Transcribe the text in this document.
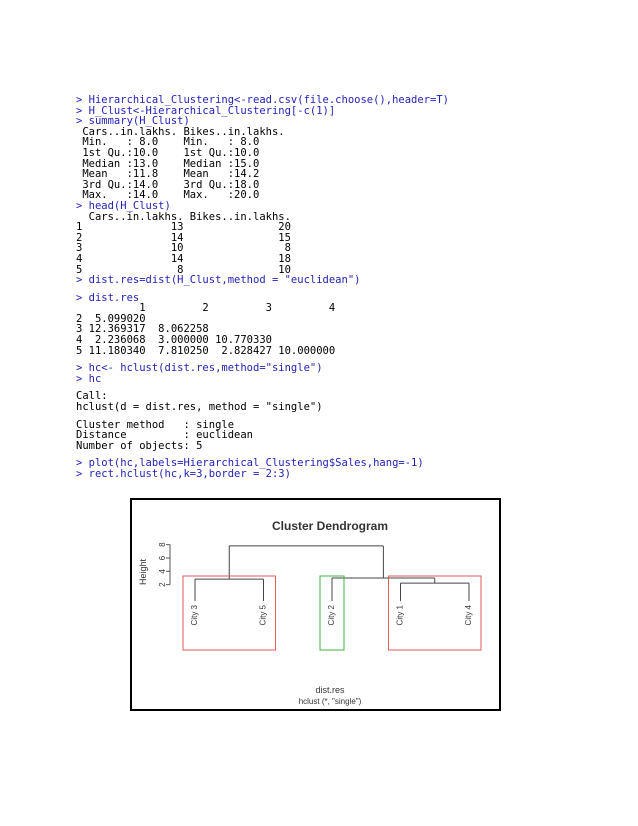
> Hierarchical_Clustering<-read.csv(file.choose(),header=T)
> H_Clust<-Hierarchical_Clustering[-c(1)]
> summary(H_Clust)
Cars..in.lakhs. Bikes..in.lakhs.
Min.   : 8.0    Min.   : 8.0
1st Qu.:10.0    1st Qu.:10.0
Median :13.0    Median :15.0
Mean   :11.8    Mean   :14.2
3rd Qu.:14.0    3rd Qu.:18.0
Max.   :14.0    Max.   :20.0
> head(H_Clust)
Cars..in.lakhs. Bikes..in.lakhs.
1              13               20
2              14               15
3              10                8
4              14               18
5               8               10
> dist.res=dist(H_Clust,method = "euclidean")
> dist.res
1         2         3         4
2  5.099020
3 12.369317  8.062258
4  2.236068  3.000000 10.770330
5 11.180340  7.810250  2.828427 10.000000
> hc<- hclust(dist.res,method="single")
> hc
Call:
hclust(d = dist.res, method = "single")
Cluster method   : single
Distance         : euclidean
Number of objects: 5
> plot(hc,labels=Hierarchical_Clustering$Sales,hang=-1)
> rect.hclust(hc,k=3,border = 2:3)
Cluster Dendrogram
2
4
6
8
Height
City 3	City 5	City 2	City 1	City 4
dist.res
hclust (*, "single")
